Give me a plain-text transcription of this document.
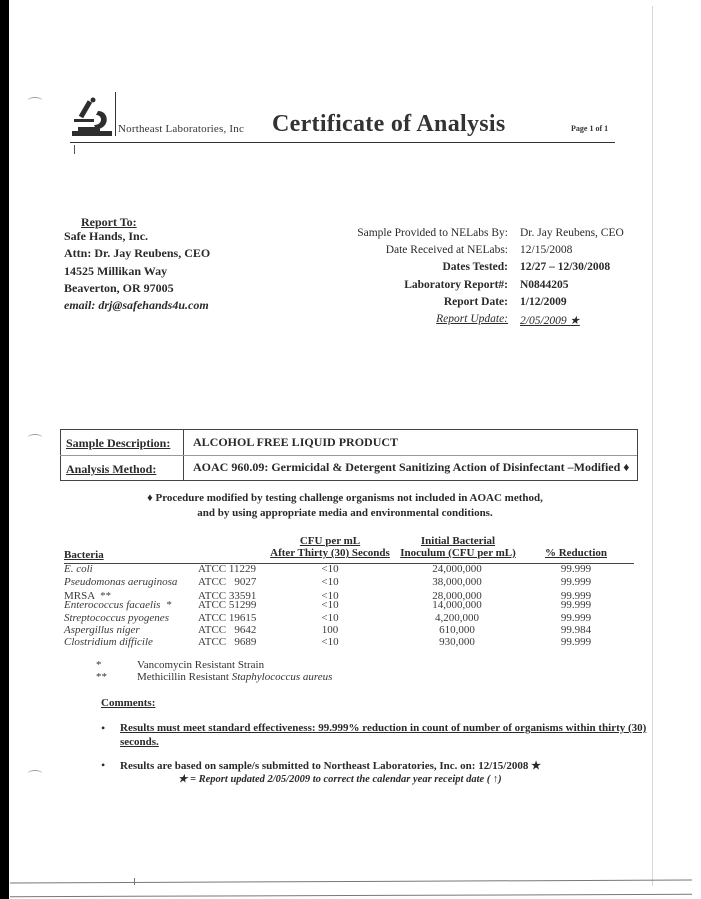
Northeast Laboratories, Inc Certificate of Analysis	Page 1 of 1
Report To:
Safe Hands, Inc.
Attn: Dr. Jay Reubens, CEO
14525 Millikan Way
Beaverton, OR 97005
email: drj@safehands4u.com
Sample Provided to NELabs By: Dr. Jay Reubens, CEO
Date Received at NELabs: 12/15/2008
Dates Tested: 12/27 – 12/30/2008
Laboratory Report#: N0844205
Report Date: 1/12/2009
Report Update: 2/05/2009 ★
Sample Description: ALCOHOL FREE LIQUID PRODUCT
Analysis Method:	AOAC 960.09: Germicidal & Detergent Sanitizing Action of Disinfectant –Modified ♦
♦ Procedure modified by testing challenge organisms not included in AOAC method,
and by using appropriate media and environmental conditions.
Bacteria
CFU per mL
After Thirty (30) Seconds
Initial Bacterial
Inoculum (CFU per mL)	% Reduction
E. coli	ATCC 11229	<10	24,000,000	99.999
Pseudomonas aeruginosa ATCC   9027	<10	38,000,000	99.999
MRSA  **	ATCC 33591	<10	28,000,000	99.999
Enterococcus facaelis  * ATCC 51299	<10	14,000,000	99.999
Streptococcus pyogenes	ATCC 19615	<10	4,200,000	99.999
Aspergillus niger	ATCC   9642	100	610,000	99.984
Clostridium difficile	ATCC   9689	<10	930,000	99.999
*	Vancomycin Resistant Strain
**	Methicillin Resistant Staphylococcus aureus
Comments:
• Results must meet standard effectiveness: 99.999% reduction in count of number of organisms within thirty (30)
seconds.
• Results are based on sample/s submitted to Northeast Laboratories, Inc. on: 12/15/2008 ★
★ = Report updated 2/05/2009 to correct the calendar year receipt date ( ↑)
